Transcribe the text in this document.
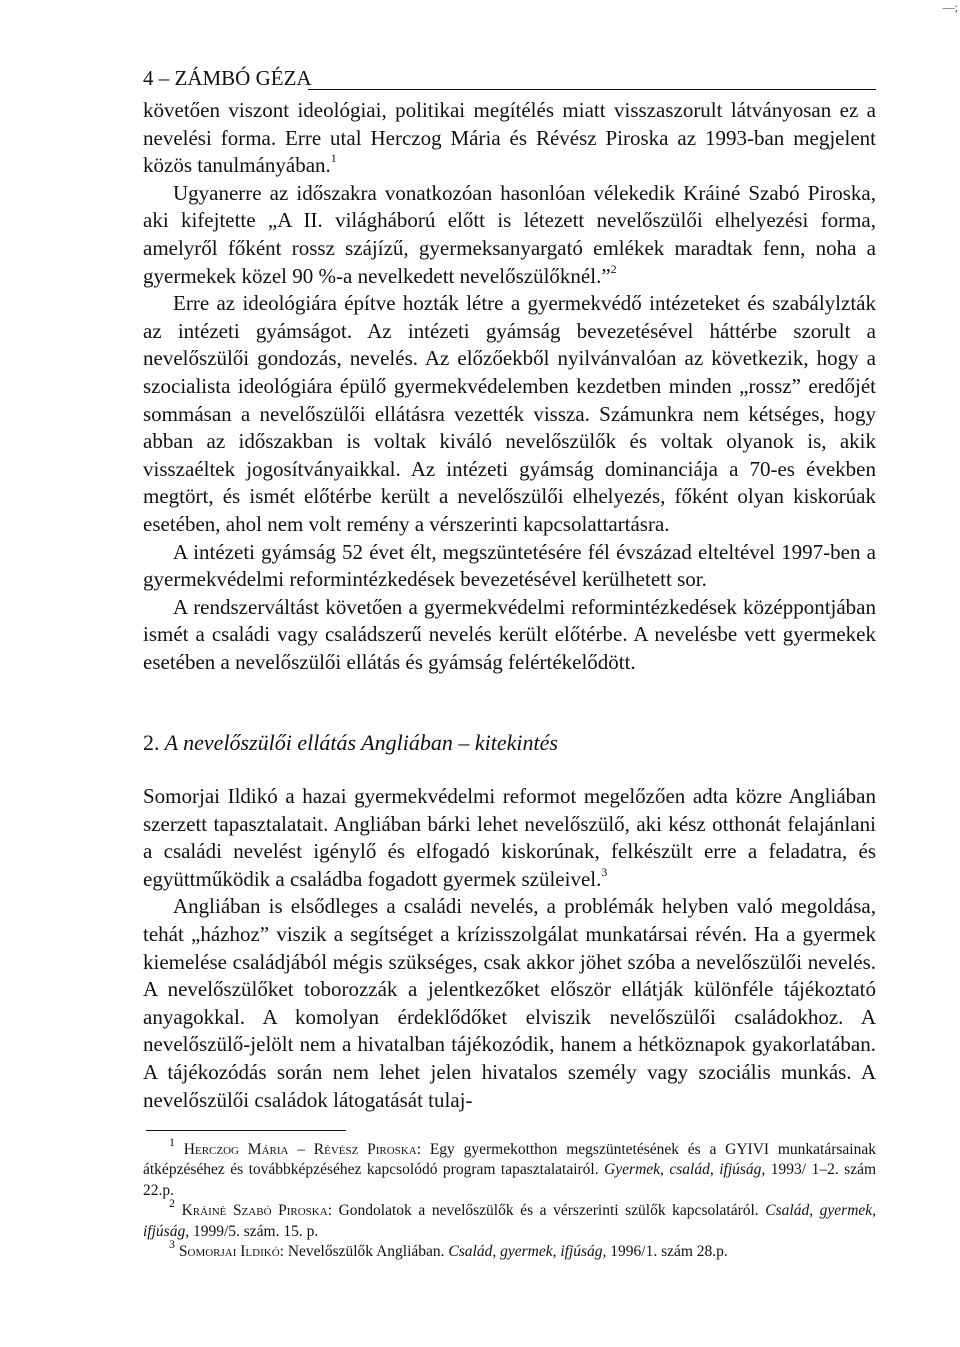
—;
4 – ZÁMBÓ GÉZA

követően viszont ideológiai, politikai megítélés miatt visszaszorult látványosan ez a nevelési forma. Erre utal Herczog Mária és Révész Piroska az 1993-ban megjelent közös tanulmányában.$^1$

Ugyanerre az időszakra vonatkozóan hasonlóan vélekedik Kráiné Szabó Piroska, aki kifejtette „A II. világháború előtt is létezett nevelőszülői elhelyezési forma, amelyről főként rossz szájízű, gyermeksanyargató emlékek maradtak fenn, noha a gyermekek közel 90 %-a nevelkedett nevelőszülőknél.”$^2$

Erre az ideológiára építve hozták létre a gyermekvédő intézeteket és szabálylzták az intézeti gyámságot. Az intézeti gyámság bevezetésével háttérbe szorult a nevelőszülői gondozás, nevelés. Az előzőekből nyilvánvalóan az következik, hogy a szocialista ideológiára épülő gyermekvédelemben kezdetben minden „rossz” eredőjét sommásan a nevelőszülői ellátásra vezették vissza. Számunkra nem kétséges, hogy abban az időszakban is voltak kiváló nevelőszülők és voltak olyanok is, akik visszaéltek jogosítványaikkal. Az intézeti gyámság dominanciája a 70-es években megtört, és ismét előtérbe került a nevelőszülői elhelyezés, főként olyan kiskorúak esetében, ahol nem volt remény a vérszerinti kapcsolattartásra.

A intézeti gyámság 52 évet élt, megszüntetésére fél évszázad elteltével 1997-ben a gyermekvédelmi reformintézkedések bevezetésével kerülhetett sor.

A rendszerváltást követően a gyermekvédelmi reformintézkedések középpontjában ismét a családi vagy családszerű nevelés került előtérbe. A nevelésbe vett gyermekek esetében a nevelőszülői ellátás és gyámság felértékelődött.

2. A nevelőszülői ellátás Angliában – kitekintés

Somorjai Ildikó a hazai gyermekvédelmi reformot megelőzően adta közre Angliában szerzett tapasztalatait. Angliában bárki lehet nevelőszülő, aki kész otthonát felajánlani a családi nevelést igénylő és elfogadó kiskorúnak, felkészült erre a feladatra, és együttműködik a családba fogadott gyermek szüleivel.$^3$

Angliában is elsődleges a családi nevelés, a problémák helyben való megoldása, tehát „házhoz” viszik a segítséget a krízisszolgálat munkatársai révén. Ha a gyermek kiemelése családjából mégis szükséges, csak akkor jöhet szóba a nevelőszülői nevelés. A nevelőszülőket toborozzák a jelentkezőket először ellátják különféle tájékoztató anyagokkal. A komolyan érdeklődőket elviszik nevelőszülői családokhoz. A nevelőszülő-jelölt nem a hivatalban tájékozódik, hanem a hétköznapok gyakorlatában. A tájékozódás során nem lehet jelen hivatalos személy vagy szociális munkás. A nevelőszülői családok látogatását tulaj-

$^1$ Herczog Mária – Révész Piroska: Egy gyermekotthon megszüntetésének és a GYIVI munkatársainak átképzéséhez és továbbképzéséhez kapcsolódó program tapasztalatairól. Gyermek, család, ifjúság, 1993/ 1–2. szám 22.p.

$^2$ Kráiné Szabó Piroska: Gondolatok a nevelőszülők és a vérszerinti szülők kapcsolatáról. Család, gyermek, ifjúság, 1999/5. szám. 15. p.

$^3$ Somorjai Ildikó: Nevelőszülők Angliában. Család, gyermek, ifjúság, 1996/1. szám 28.p.
